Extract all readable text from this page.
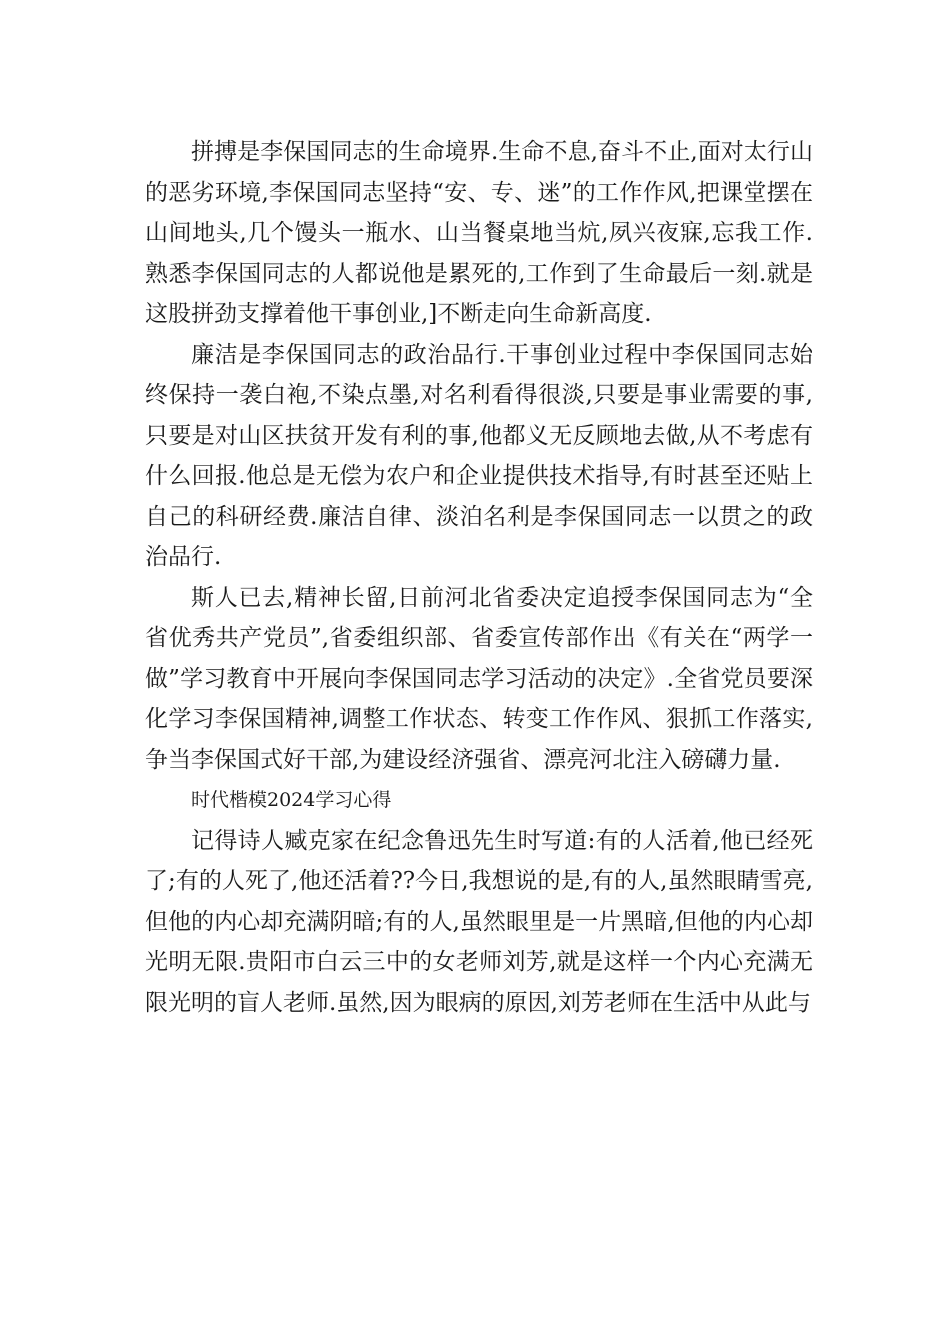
拼搏是李保国同志的生命境界.生命不息,奋斗不止,面对太行山的恶劣环境,李保国同志坚持“安、专、迷”的工作作风,把课堂摆在山间地头,几个馒头一瓶水、山当餐桌地当炕,夙兴夜寐,忘我工作.熟悉李保国同志的人都说他是累死的,工作到了生命最后一刻.就是这股拼劲支撑着他干事创业,]不断走向生命新高度.

廉洁是李保国同志的政治品行.干事创业过程中李保国同志始终保持一袭白袍,不染点墨,对名利看得很淡,只要是事业需要的事,只要是对山区扶贫开发有利的事,他都义无反顾地去做,从不考虑有什么回报.他总是无偿为农户和企业提供技术指导,有时甚至还贴上自己的科研经费.廉洁自律、淡泊名利是李保国同志一以贯之的政治品行.

斯人已去,精神长留,日前河北省委决定追授李保国同志为“全省优秀共产党员”,省委组织部、省委宣传部作出《有关在“两学一做”学习教育中开展向李保国同志学习活动的决定》.全省党员要深化学习李保国精神,调整工作状态、转变工作作风、狠抓工作落实,争当李保国式好干部,为建设经济强省、漂亮河北注入磅礴力量.

时代楷模2024学习心得

记得诗人臧克家在纪念鲁迅先生时写道:有的人活着,他已经死了;有的人死了,他还活着??今日,我想说的是,有的人,虽然眼睛雪亮,但他的内心却充满阴暗;有的人,虽然眼里是一片黑暗,但他的内心却光明无限.贵阳市白云三中的女老师刘芳,就是这样一个内心充满无限光明的盲人老师.虽然,因为眼病的原因,刘芳老师在生活中从此与
